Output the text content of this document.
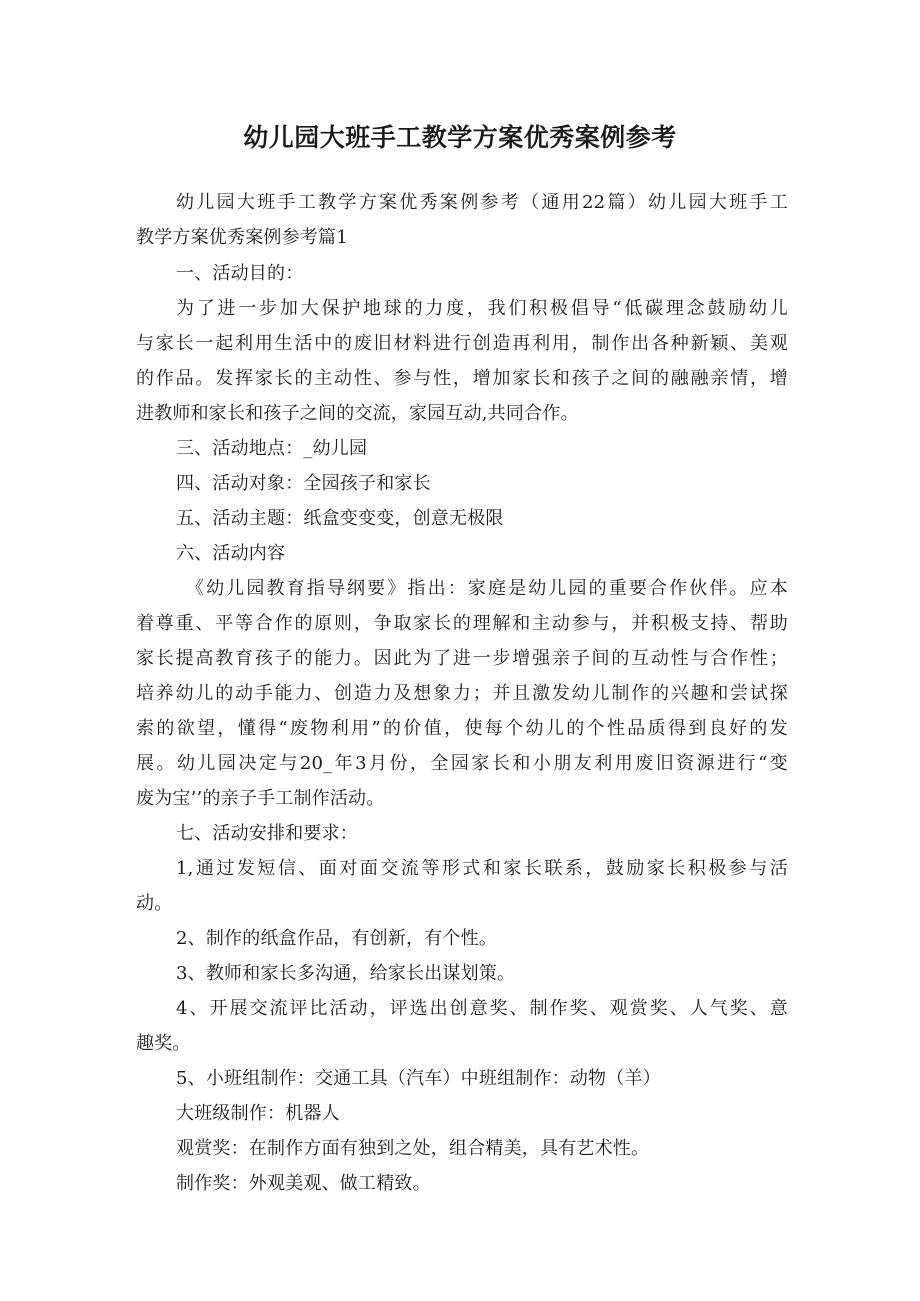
幼儿园大班手工教学方案优秀案例参考

幼儿园大班手工教学方案优秀案例参考（通用22篇）幼儿园大班手工

教学方案优秀案例参考篇1

一、活动目的：

为了进一步加大保护地球的力度，我们积极倡导“低碳理念鼓励幼儿

与家长一起利用生活中的废旧材料进行创造再利用，制作出各种新颖、美观

的作品。发挥家长的主动性、参与性，增加家长和孩子之间的融融亲情，增

进教师和家长和孩子之间的交流，家园互动,共同合作。

三、活动地点：_幼儿园

四、活动对象：全园孩子和家长

五、活动主题：纸盒变变变，创意无极限

六、活动内容

《幼儿园教育指导纲要》指出：家庭是幼儿园的重要合作伙伴。应本

着尊重、平等合作的原则，争取家长的理解和主动参与，并积极支持、帮助

家长提高教育孩子的能力。因此为了进一步增强亲子间的互动性与合作性；

培养幼儿的动手能力、创造力及想象力；并且激发幼儿制作的兴趣和尝试探

索的欲望，懂得“废物利用”的价值，使每个幼儿的个性品质得到良好的发

展。幼儿园决定与20_年3月份，全园家长和小朋友利用废旧资源进行“变

废为宝’’的亲子手工制作活动。

七、活动安排和要求：

1,通过发短信、面对面交流等形式和家长联系，鼓励家长积极参与活

动。

2、制作的纸盒作品，有创新，有个性。

3、教师和家长多沟通，给家长出谋划策。

4、开展交流评比活动，评选出创意奖、制作奖、观赏奖、人气奖、意

趣奖。

5、小班组制作：交通工具（汽车）中班组制作：动物（羊）

大班级制作：机器人

观赏奖：在制作方面有独到之处，组合精美，具有艺术性。

制作奖：外观美观、做工精致。
